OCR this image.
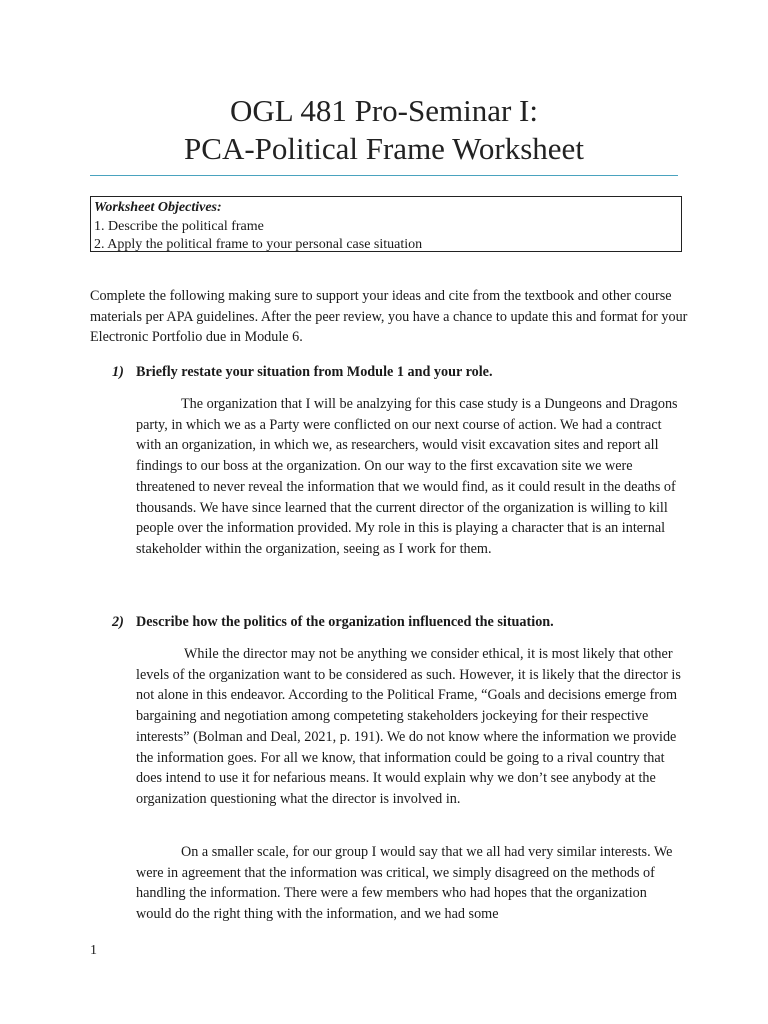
OGL 481 Pro-Seminar I:
PCA-Political Frame Worksheet
Worksheet Objectives:
1. Describe the political frame
2. Apply the political frame to your personal case situation

Complete the following making sure to support your ideas and cite from the textbook and other course materials per APA guidelines. After the peer review, you have a chance to update this and format for your Electronic Portfolio due in Module 6.

1) Briefly restate your situation from Module 1 and your role.

The organization that I will be analzying for this case study is a Dungeons and Dragons party, in which we as a Party were conflicted on our next course of action. We had a contract with an organization, in which we, as researchers, would visit excavation sites and report all findings to our boss at the organization. On our way to the first excavation site we were threatened to never reveal the information that we would find, as it could result in the deaths of thousands. We have since learned that the current director of the organization is willing to kill people over the information provided. My role in this is playing a character that is an internal stakeholder within the organization, seeing as I work for them.

2) Describe how the politics of the organization influenced the situation.

While the director may not be anything we consider ethical, it is most likely that other levels of the organization want to be considered as such. However, it is likely that the director is not alone in this endeavor. According to the Political Frame, “Goals and decisions emerge from bargaining and negotiation among competeting stakeholders jockeying for their respective interests” (Bolman and Deal, 2021, p. 191). We do not know where the information we provide the information goes. For all we know, that information could be going to a rival country that does intend to use it for nefarious means. It would explain why we don’t see anybody at the organization questioning what the director is involved in.

On a smaller scale, for our group I would say that we all had very similar interests. We were in agreement that the information was critical, we simply disagreed on the methods of handling the information. There were a few members who had hopes that the organization would do the right thing with the information, and we had some

1
